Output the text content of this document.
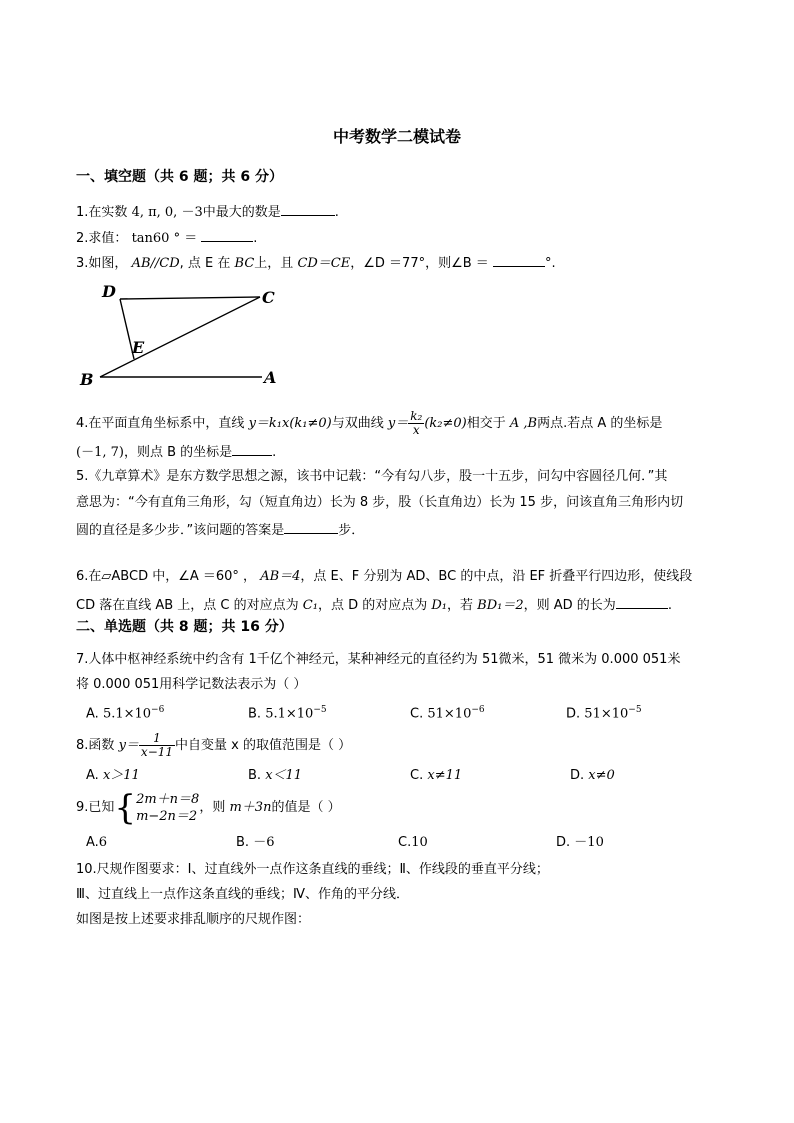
中考数学二模试卷
一、填空题（共 6 题；共 6 分）
1.在实数 4, π, 0, －3中最大的数是	.
2.求值： tan60 ° ＝	.
3.如图， AB//CD, 点 E 在 BC上，且 CD＝CE，∠D ＝77°，则∠B ＝	°.
D	C
E
B	A
4.在平面直角坐标系中，直线 y＝k₁x(k₁≠0)与双曲线 $y= \frac{\text{k₂}}{x} (k_2\ne 0)$相交于 A ,B两点.若点 A 的坐标是
(－1, 7)，则点 B 的坐标是	.
5.《九章算术》是东方数学思想之源，该书中记载：“今有勾八步，股一十五步，问勾中容圆径几何．”其
意思为：“今有直角三角形，勾（短直角边）长为 8 步，股（长直角边）长为 15 步，问该直角三角形内切
圆的直径是多少步．”该问题的答案是	步．
6.在▱ABCD 中，∠A ＝60° ， AB＝4，点 E、F 分别为 AD、BC 的中点，沿 EF 折叠平行四边形，使线段
CD 落在直线 AB 上，点 C 的对应点为 C₁，点 D 的对应点为 D₁，若 BD₁＝2，则 AD 的长为	.
二、单选题（共 8 题；共 16 分）
7.人体中枢神经系统中约含有 1千亿个神经元，某种神经元的直径约为 51微米，51 微米为 0.000 051米
将 0.000 051用科学记数法表示为（ ）
A. $5.1\times 10^{-6}$	B. $5.1\times 10^{-5}$	C. $51\times 10^{-6}$	D. $51\times 10^{-5}$
8.函数 $y= \frac{1}{x-11}$ 中自变量 x 的取值范围是（ ）
A. x＞11	B. x＜11	C. x≠11	D. x≠0
9.已知{ 2m＋n＝8
m−2n＝2
，则 m＋3n的值是（ ）
A.6	B. －6	C.10	D. －10
10.尺规作图要求：Ⅰ、过直线外一点作这条直线的垂线；Ⅱ、作线段的垂直平分线；
Ⅲ、过直线上一点作这条直线的垂线；Ⅳ、作角的平分线．
如图是按上述要求排乱顺序的尺规作图：
